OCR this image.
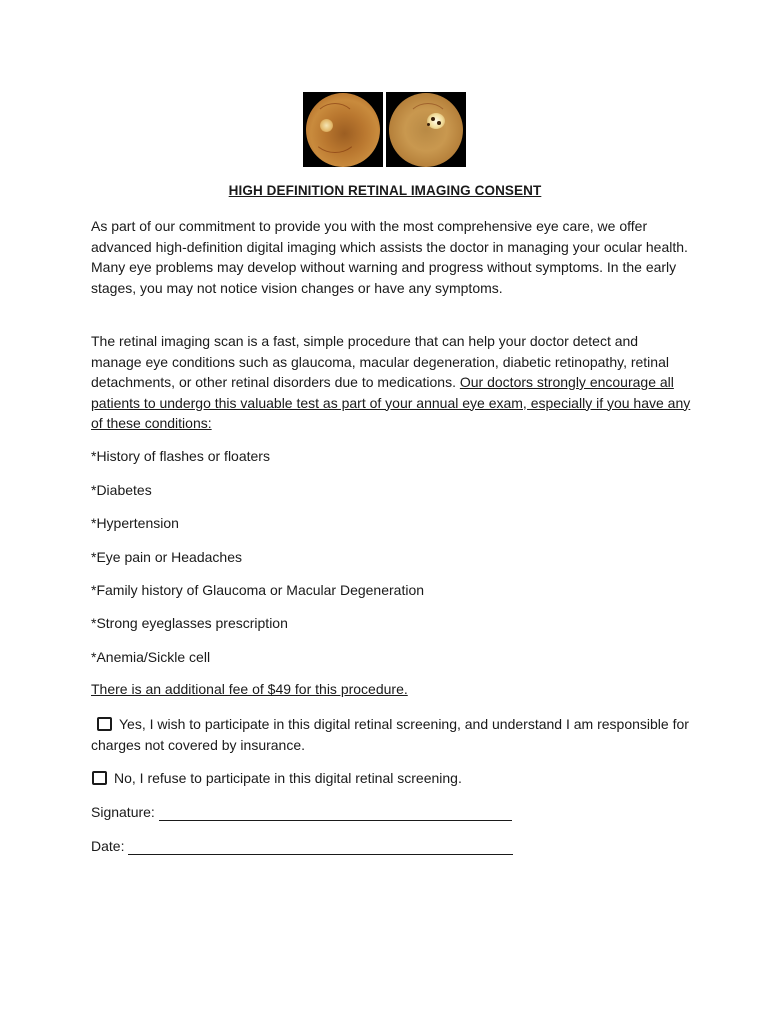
HIGH DEFINITION RETINAL IMAGING CONSENT

As part of our commitment to provide you with the most comprehensive eye care, we offer advanced high-definition digital imaging which assists the doctor in managing your ocular health. Many eye problems may develop without warning and progress without symptoms. In the early stages, you may not notice vision changes or have any symptoms.

The retinal imaging scan is a fast, simple procedure that can help your doctor detect and manage eye conditions such as glaucoma, macular degeneration, diabetic retinopathy, retinal detachments, or other retinal disorders due to medications. Our doctors strongly encourage all patients to undergo this valuable test as part of your annual eye exam, especially if you have any of these conditions:

*History of flashes or floaters

*Diabetes

*Hypertension

*Eye pain or Headaches

*Family history of Glaucoma or Macular Degeneration

*Strong eyeglasses prescription

*Anemia/Sickle cell

There is an additional fee of $49 for this procedure.

Yes, I wish to participate in this digital retinal screening, and understand I am responsible for charges not covered by insurance.

No, I refuse to participate in this digital retinal screening.

Signature:
Date:
